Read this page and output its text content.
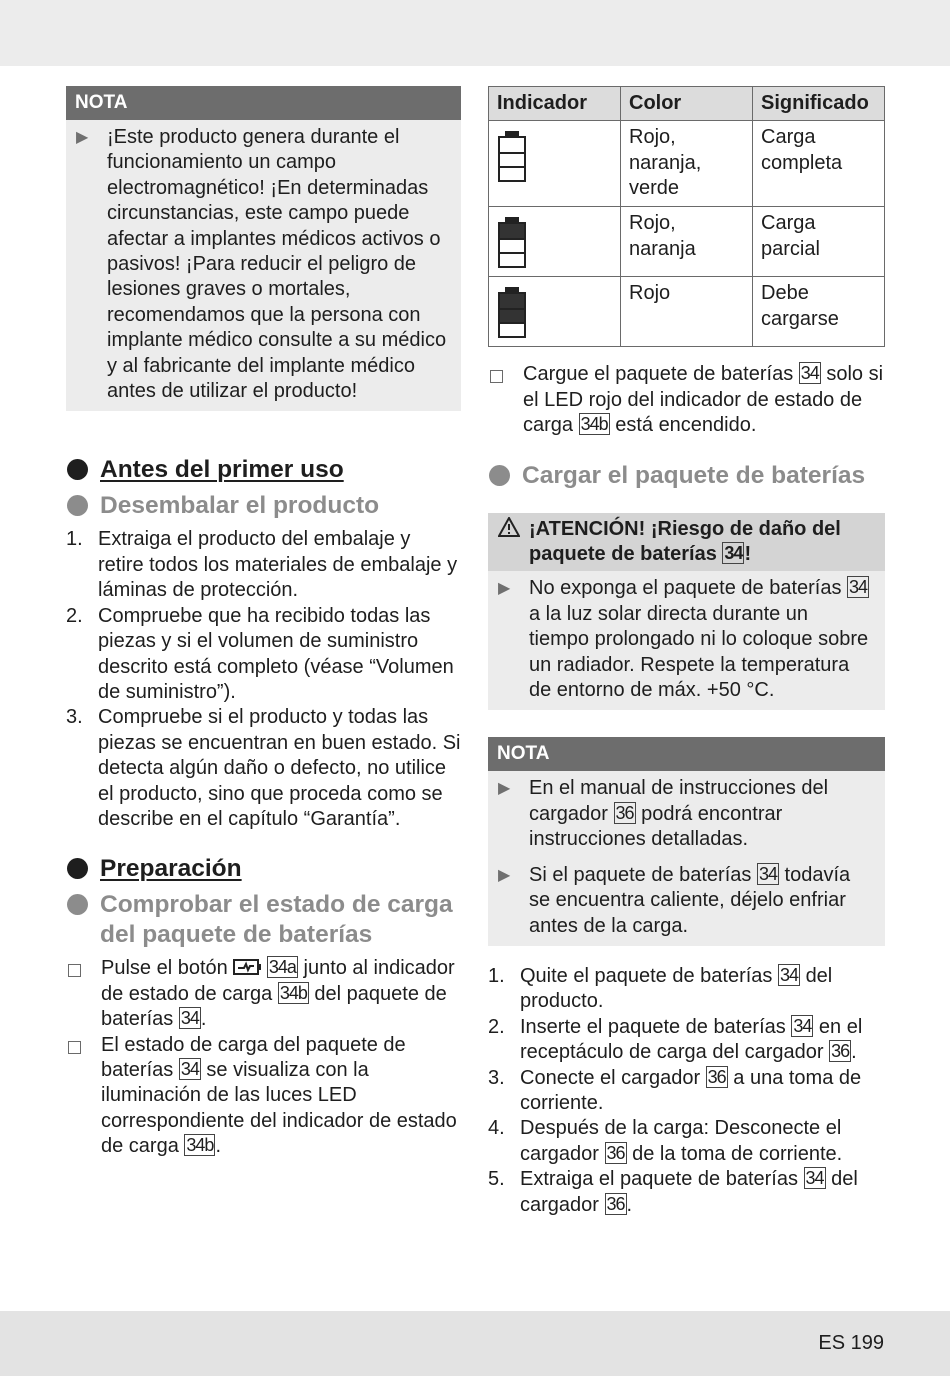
NOTA
▶ ¡Este producto genera durante el funcionamiento un campo electromagnético! ¡En determinadas circunstancias, este campo puede afectar a implantes médicos activos o pasivos! ¡Para reducir el peligro de lesiones graves o mortales, recomendamos que la persona con implante médico consulte a su médico y al fabricante del implante médico antes de utilizar el producto!
Antes del primer uso
Desembalar el producto
1. Extraiga el producto del embalaje y retire todos los materiales de embalaje y láminas de protección.
2. Compruebe que ha recibido todas las piezas y si el volumen de suministro descrito está completo (véase “Volumen de suministro”).
3. Compruebe si el producto y todas las piezas se encuentran en buen estado. Si detecta algún daño o defecto, no utilice el producto, sino que proceda como se describe en el capítulo “Garantía”.
Preparación
Comprobar el estado de carga del paquete de baterías
Pulse el botón 34a junto al indicador de estado de carga 34b del paquete de baterías 34 .
El estado de carga del paquete de baterías 34 se visualiza con la iluminación de las luces LED correspondiente del indicador de estado de carga 34b .
Indicador	Color	Significado

	Rojo, naranja, verde	Carga completa

	Rojo, naranja	Carga parcial

	Rojo	Debe cargarse
Cargue el paquete de baterías 34 solo si el LED rojo del indicador de estado de carga 34b está encendido.
Cargar el paquete de baterías
¡ATENCIÓN! ¡Riesgo de daño del paquete de baterías 34 !
▶ No exponga el paquete de baterías 34 a la luz solar directa durante un tiempo prolongado ni lo coloque sobre un radiador. Respete la temperatura de entorno de máx. +50 °C.
NOTA
▶ En el manual de instrucciones del cargador 36 podrá encontrar instrucciones detalladas.
▶ Si el paquete de baterías 34 todavía se encuentra caliente, déjelo enfriar antes de la carga.
1. Quite el paquete de baterías 34 del producto.
2. Inserte el paquete de baterías 34 en el receptáculo de carga del cargador 36 .
3. Conecte el cargador 36 a una toma de corriente.
4. Después de la carga: Desconecte el cargador 36 de la toma de corriente.
5. Extraiga el paquete de baterías 34 del cargador 36 .
ES 199
